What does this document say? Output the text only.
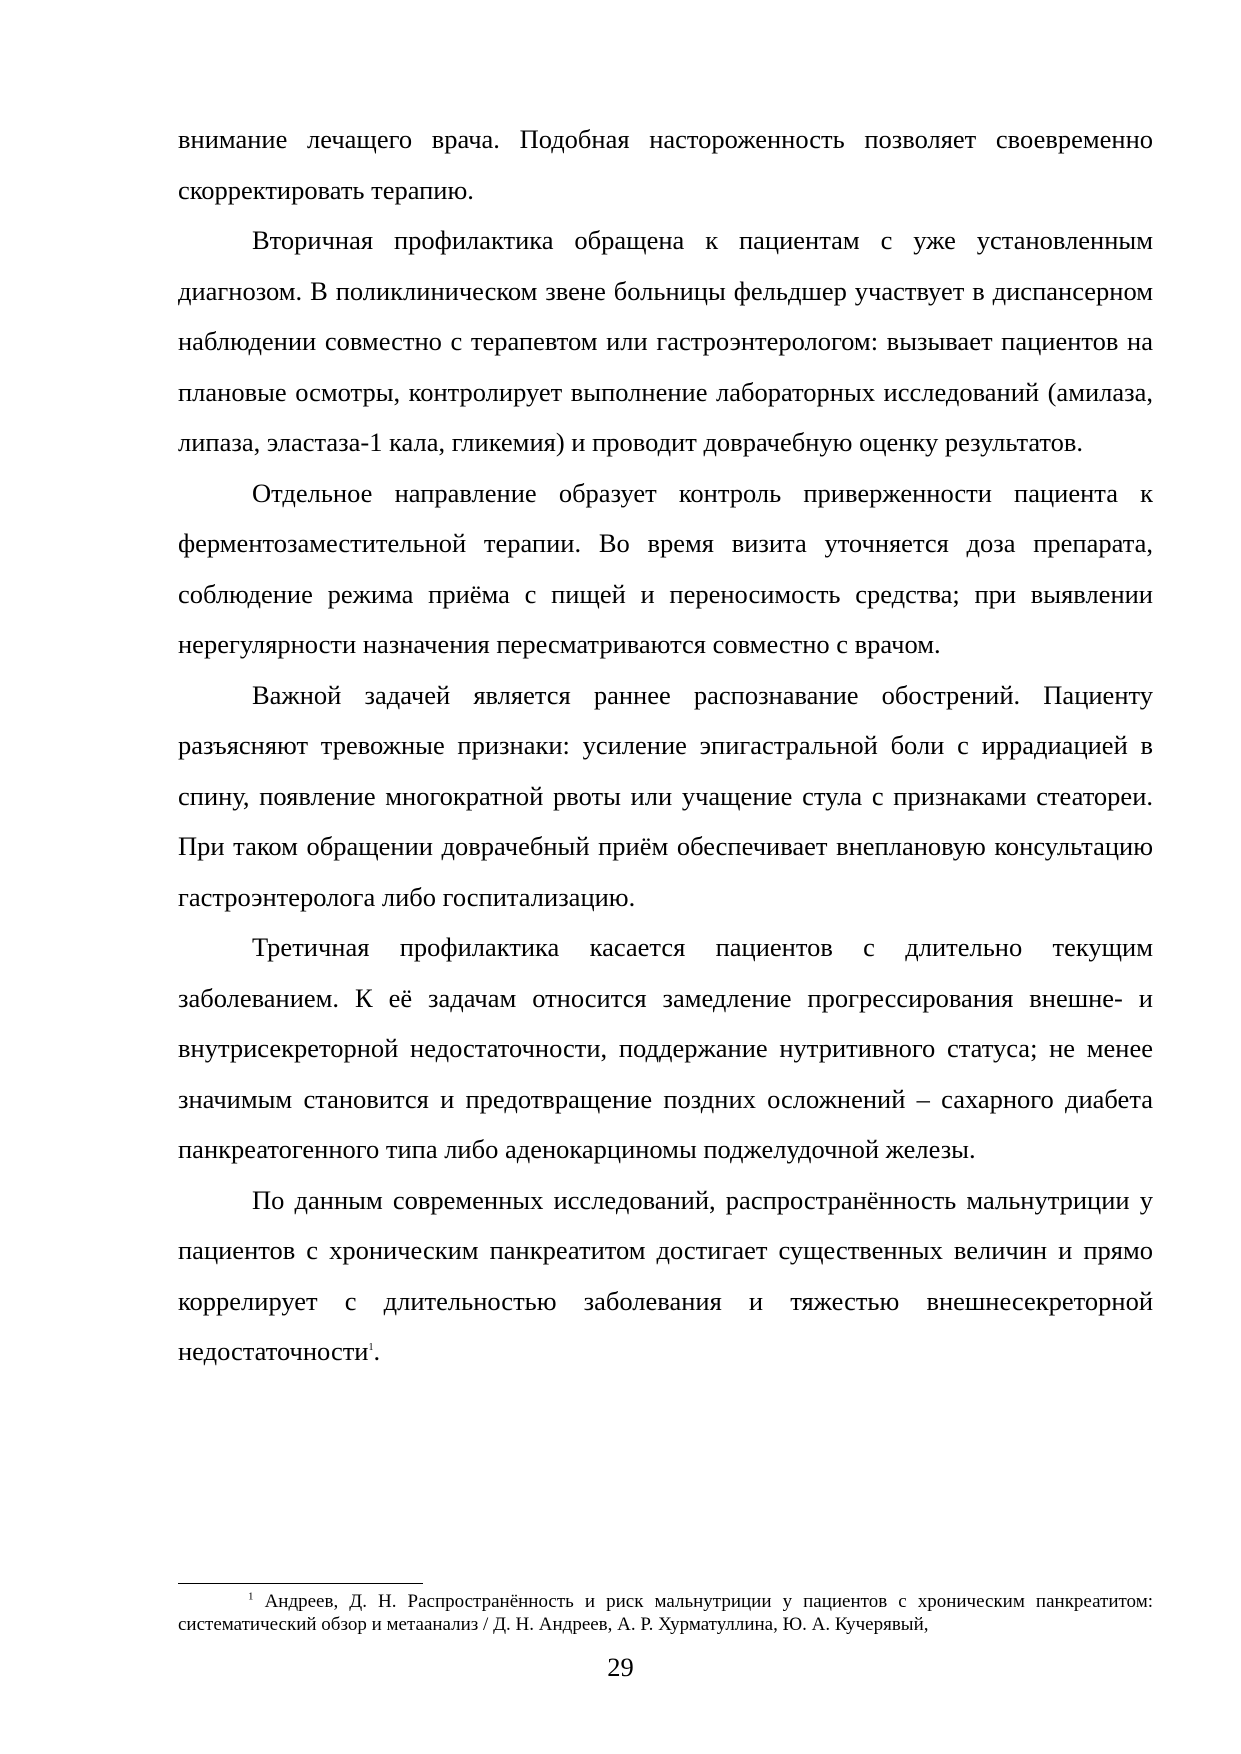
внимание лечащего врача. Подобная настороженность позволяет своевременно скорректировать терапию.

Вторичная профилактика обращена к пациентам с уже установленным диагнозом. В поликлиническом звене больницы фельдшер участвует в диспансерном наблюдении совместно с терапевтом или гастроэнтерологом: вызывает пациентов на плановые осмотры, контролирует выполнение лабораторных исследований (амилаза, липаза, эластаза-1 кала, гликемия) и проводит доврачебную оценку результатов.

Отдельное направление образует контроль приверженности пациента к ферментозаместительной терапии. Во время визита уточняется доза препарата, соблюдение режима приёма с пищей и переносимость средства; при выявлении нерегулярности назначения пересматриваются совместно с врачом.

Важной задачей является раннее распознавание обострений. Пациенту разъясняют тревожные признаки: усиление эпигастральной боли с иррадиацией в спину, появление многократной рвоты или учащение стула с признаками стеатореи. При таком обращении доврачебный приём обеспечивает внеплановую консультацию гастроэнтеролога либо госпитализацию.

Третичная профилактика касается пациентов с длительно текущим заболеванием. К её задачам относится замедление прогрессирования внешне- и внутрисекреторной недостаточности, поддержание нутритивного статуса; не менее значимым становится и предотвращение поздних осложнений – сахарного диабета панкреатогенного типа либо аденокарциномы поджелудочной железы.

По данным современных исследований, распространённость мальнутриции у пациентов с хроническим панкреатитом достигает существенных величин и прямо коррелирует с длительностью заболевания и тяжестью внешнесекреторной недостаточности$^1$.

$^1$ Андреев, Д. Н. Распространённость и риск мальнутриции у пациентов с хроническим панкреатитом: систематический обзор и метаанализ / Д. Н. Андреев, А. Р. Хурматуллина, Ю. А. Кучерявый,

29
